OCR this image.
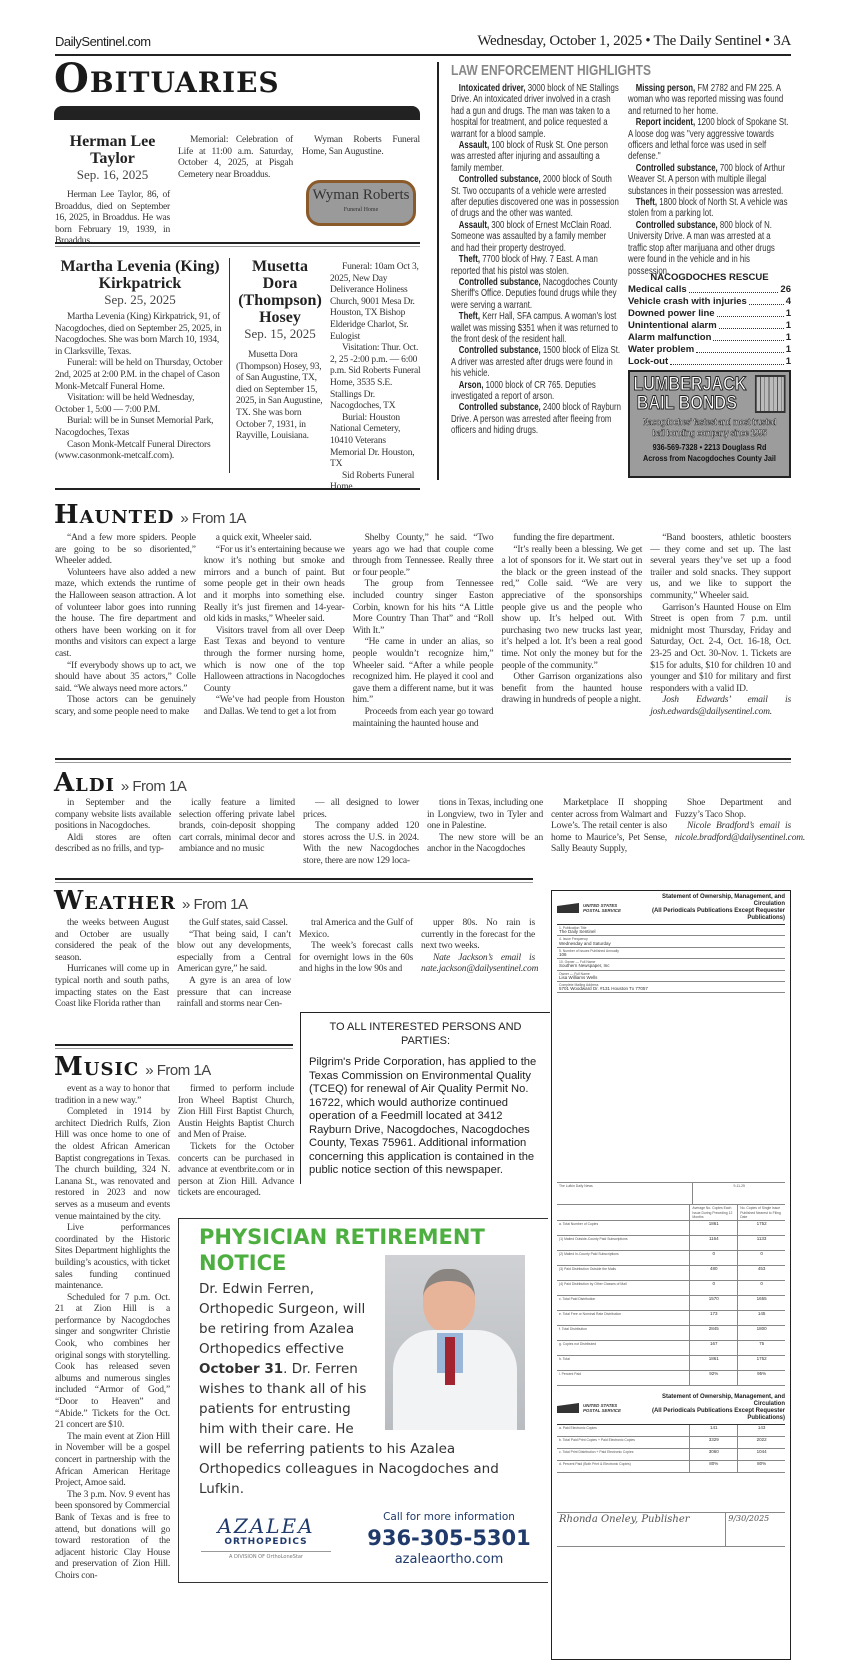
DailySentinel.com	Wednesday, October 1, 2025 • The Daily Sentinel • 3A
Obituaries
Herman Lee Taylor
Sep. 16, 2025

Herman Lee Taylor, 86, of Broaddus, died on September 16, 2025, in Broaddus. He was born February 19, 1939, in

Memorial: Celebration of Life at 11:00 a.m. Saturday, October 4, 2025, at Pisgah Cemetery near Broaddus.

Wyman Roberts Funeral Home, San Augustine.

Wyman Roberts
Funeral Home
Martha Levenia (King) Kirkpatrick
Sep. 25, 2025

Martha Levenia (King) Kirkpatrick, 91, of Nacogdoches, died on September 25, 2025, in Nacogdoches. She was born March 10, 1934, in Clarksville, Texas.

Funeral: will be held on Thursday, October 2nd, 2025 at 2:00 P.M. in the chapel of Cason Monk-Metcalf Funeral Home.

Visitation: will be held Wednesday, October 1, 5:00 — 7:00 P.M.

Burial: will be in Sunset Memorial Park, Nacogdoches, Texas

Cason Monk-Metcalf Funeral Directors (www.casonmonk-metcalf.com).

Musetta Dora (Thompson) Hosey
Sep. 15, 2025

Musetta Dora (Thompson) Hosey, 93, of San Augustine, TX, died on September 15, 2025, in San Augustine, TX. She was born October 7, 1931, in Rayville, Louisiana.

Funeral: 10am Oct 3, 2025, New Day Deliverance Holiness Church, 9001 Mesa Dr. Houston, TX Bishop Elderidge Charlot, Sr. Eulogist

Visitation: Thur. Oct. 2, 25 -2:00 p.m. — 6:00 p.m. Sid Roberts Funeral Home, 3535 S.E. Stallings Dr. Nacogdoches, TX

Burial: Houston National Cemetery, 10410 Veterans Memorial Dr. Houston, TX

Sid Roberts Funeral

LAW ENFORCEMENT HIGHLIGHTS

Intoxicated driver, 3000 block of NE Stallings Drive. An intoxicated driver involved in a crash had a gun and drugs. The man was taken to a hospital for treatment, and police requested a warrant for a blood sample.

Assault, 100 block of Rusk St. One person was arrested after injuring and assaulting a family member.

Controlled substance, 2000 block of South St. Two occupants of a vehicle were arrested after deputies discovered one was in possession of drugs and the other was wanted.

Assault, 300 block of Ernest McClain Road. Someone was assaulted by a family member and had their property destroyed.

Theft, 7700 block of Hwy. 7 East. A man reported that his pistol was stolen.

Controlled substance, Nacogdoches County Sheriff's Office. Deputies found drugs while they were serving a warrant.

Theft, Kerr Hall, SFA campus. A woman's lost wallet was missing $351 when it was returned to the front desk of the resident hall.

Controlled substance, 1500 block of Eliza St. A driver was arrested after drugs were found in his vehicle.

Arson, 1000 block of CR 765. Deputies investigated a report of arson.

Controlled substance, 2400 block of Rayburn Drive. A person was arrested after fleeing from officers and hiding drugs.

Missing person, FM 2782 and FM 225. A woman who was reported missing was found and returned to her home.

Report incident, 1200 block of Spokane St. A loose dog was "very aggressive towards officers and lethal force was used in self defense."

Controlled substance, 700 block of Arthur Weaver St. A person with multiple illegal substances in their possession was arrested.

Theft, 1800 block of North St. A vehicle was stolen from a parking lot.

Controlled substance, 800 block of N. University Drive. A man was arrested at a traffic stop after marijuana and other drugs were found in the vehicle and in his possession.

NACOGDOCHES RESCUE
Medical calls	26
Vehicle crash with injuries	4
Downed power line	1
Unintentional alarm	1
Alarm malfunction	1
Water problem	1
Lock-out	1
LUMBERJACK
BAIL BONDS
Nacogdoches' fastest and most trusted
bail bonding company since 1995
936-569-7328 • 2213 Douglass Rd
Across from Nacogdoches County Jail
Haunted » From 1A

“And a few more spiders. People are going to be so disoriented,” Wheeler added.

Volunteers have also added a new maze, which extends the runtime of the Halloween season attraction. A lot of volunteer labor goes into running the house. The fire department and others have been working on it for months and visitors can expect a large cast.

“If everybody shows up to act, we should have about 35 actors,” Colle said. “We always need more actors.”

Those actors can be genuinely scary, and some people need to make

a quick exit, Wheeler said.

“For us it’s entertaining because we know it’s nothing but smoke and mirrors and a bunch of paint. But some people get in their own heads and it morphs into something else. Really it’s just firemen and 14-year-old kids in masks,” Wheeler said.

Visitors travel from all over Deep East Texas and beyond to venture through the former nursing home, which is now one of the top Halloween attractions in Nacogdoches County

“We’ve had people from Houston and Dallas. We tend to get a lot from

Shelby County,” he said. “Two years ago we had that couple come through from Tennessee. Really three or four people.”

The group from Tennessee included country singer Easton Corbin, known for his hits “A Little More Country Than That” and “Roll With It.”

“He came in under an alias, so people wouldn’t recognize him,” Wheeler said. “After a while people recognized him. He played it cool and gave them a different name, but it was him.”

Proceeds from each year go toward maintaining the haunted house and

funding the fire department.

“It’s really been a blessing. We get a lot of sponsors for it. We start out in the black or the green instead of the red,” Colle said. “We are very appreciative of the sponsorships people give us and the people who show up. It’s helped out. With purchasing two new trucks last year, it’s helped a lot. It’s been a real good time. Not only the money but for the people of the community.”

Other Garrison organizations also benefit from the haunted house drawing in hundreds of people a night.

“Band boosters, athletic boosters — they come and set up. The last several years they’ve set up a food trailer and sold snacks. They support us, and we like to support the community,” Wheeler said.

Garrison’s Haunted House on Elm Street is open from 7 p.m. until midnight most Thursday, Friday and Saturday, Oct. 2-4, Oct. 16-18, Oct. 23-25 and Oct. 30-Nov. 1. Tickets are $15 for adults, $10 for children 10 and younger and $10 for military and first responders with a valid ID.

Josh Edwards’ email is josh.edwards@dailysentinel.com.

Aldi » From 1A

in September and the company website lists available positions in Nacogdoches.

Aldi stores are often described as no frills, and typ-

ically feature a limited selection offering private label brands, coin-deposit shopping cart corrals, minimal decor and ambiance and no music

— all designed to lower prices.

The company added 120 stores across the U.S. in 2024. With the new Nacogdoches store, there are now 129 loca-

tions in Texas, including one in Longview, two in Tyler and one in Palestine.

The new store will be an anchor in the Nacogdoches

Marketplace II shopping center across from Walmart and Lowe’s. The retail center is also home to Maurice’s, Pet Sense, Sally Beauty Supply,

Shoe Department and Fuzzy’s Taco Shop.

Nicole Bradford’s email is nicole.bradford@dailysentinel.com.

Weather » From 1A

the weeks between August and October are usually considered the peak of the season.

Hurricanes will come up in typical north and south paths, impacting states on the East Coast like Florida rather than

the Gulf states, said Cassel.

“That being said, I can’t blow out any developments, especially from a Central American gyre,” he said.

A gyre is an area of low pressure that can increase rainfall and storms near Cen-

tral America and the Gulf of Mexico.

The week’s forecast calls for overnight lows in the 60s and highs in the low 90s and

upper 80s. No rain is currently in the forecast for the next two weeks.

Nate Jackson’s email is nate.jackson@dailysentinel.com

TO ALL INTERESTED PERSONS AND PARTIES:
Pilgrim's Pride Corporation, has applied to the Texas Commission on Environmental Quality (TCEQ) for renewal of Air Quality Permit No. 16722, which would authorize continued operation of a Feedmill located at 3412 Rayburn Drive, Nacogdoches, Nacogdoches County, Texas 75961. Additional information concerning this application is contained in the public notice section of this newspaper.
Music » From 1A

event as a way to honor that tradition in a new way.”

Completed in 1914 by architect Diedrich Rulfs, Zion Hill was once home to one of the oldest African American Baptist congregations in Texas. The church building, 324 N. Lanana St., was renovated and restored in 2023 and now serves as a museum and events venue maintained by the city.

Live performances coordinated by the Historic Sites Department highlights the building’s acoustics, with ticket sales funding continued maintenance.

Scheduled for 7 p.m. Oct. 21 at Zion Hill is a performance by Nacogdoches singer and songwriter Christie Cook, who combines her original songs with storytelling. Cook has released seven albums and numerous singles included “Armor of God,” “Door to Heaven” and “Abide.” Tickets for the Oct. 21 concert are $10.

The main event at Zion Hill in November will be a gospel concert in partnership with the African American Heritage Project, Amoe said.

The 3 p.m. Nov. 9 event has been sponsored by Commercial Bank of Texas and is free to attend, but donations will go toward restoration of the adjacent historic Clay House and preservation of Zion Hill. Choirs con-

firmed to perform include Iron Wheel Baptist Church, Zion Hill First Baptist Church, Austin Heights Baptist Church and Men of Praise.

Tickets for the October concerts can be purchased in advance at eventbrite.com or in person at Zion Hill. Advance tickets are encouraged.

PHYSICIAN RETIREMENT
NOTICE
Dr. Edwin Ferren, Orthopedic Surgeon, will be retiring from Azalea Orthopedics effective October 31. Dr. Ferren wishes to thank all of his patients for entrusting him with their care. He will be referring patients to his Azalea Orthopedics colleagues in Nacogdoches and Lufkin.
AZALEA
ORTHOPEDICS
A DIVISION OF OrthoLoneStar
Call for more information
936-305-5301
azaleaortho.com
UNITED STATES POSTAL SERVICE
Statement of Ownership, Management, and Circulation
(All Periodicals Publications Except Requester Publications)
1. Publication Title
The Daily Sentinel
4. Issue Frequency
Wednesday and Saturday
5. Number of Issues Published Annually
106
10. Owner — Full Name
Southern Newspaper, Inc
Owner — Full Name
Lisa Williams Wells
Complete Mailing Address
5701 Woodward Dr. #131 Houston Tx 77057
The Lufkin Daily News	9-11-25
Average No. Copies Each Issue During Preceding 12 Months
No. Copies of Single Issue Published Nearest to Filing Date
a. Total Number of Copies	1861	1752
(1) Mailed Outside-County Paid Subscriptions	1164	1133
(2) Mailed In-County Paid Subscriptions	0	0
(3) Paid Distribution Outside the Mails	480	453
(4) Paid Distribution by Other Classes of Mail	0	0
c. Total Paid Distribution	1570	1655
e. Total Free or Nominal Rate Distribution	173	145
f. Total Distribution	2845	1800
g. Copies not Distributed	167	75
h. Total	1861	1752
i. Percent Paid	92%	95%
UNITED STATES POSTAL SERVICE
Statement of Ownership, Management, and Circulation
(All Periodicals Publications Except Requester Publications)
a. Paid Electronic Copies	141	143
b. Total Paid Print Copies + Paid Electronic Copies	3329	2022
c. Total Print Distribution + Paid Electronic Copies	3060	1044
d. Percent Paid (Both Print & Electronic Copies)	80%	80%
Rhonda Oneley, Publisher	9/30/2025
